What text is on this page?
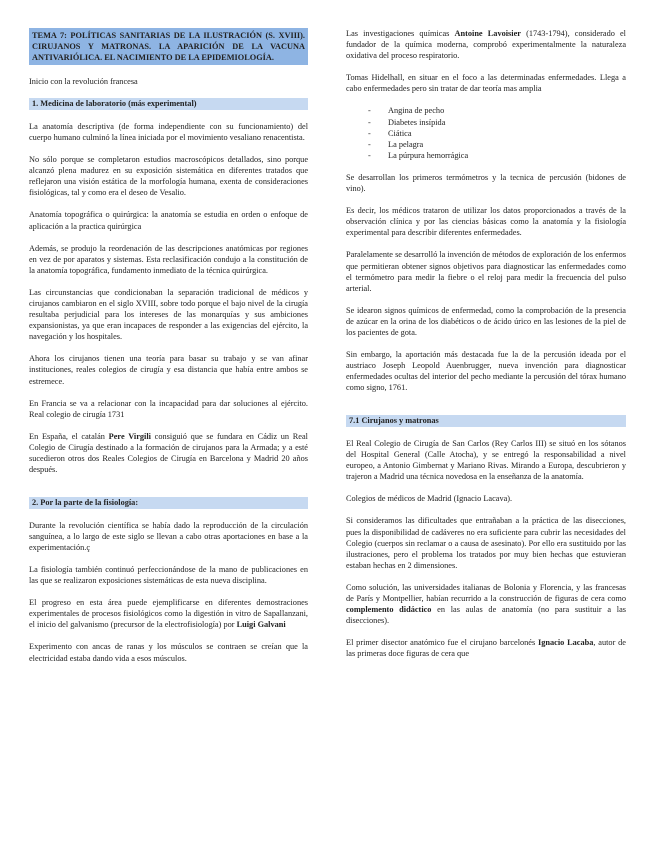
TEMA 7: POLÍTICAS SANITARIAS DE LA ILUSTRACIÓN (S. XVIII). CIRUJANOS Y MATRONAS. LA APARICIÓN DE LA VACUNA ANTIVARIÓLICA. EL NACIMIENTO DE LA EPIDEMIOLOGÍA.

Inicio con la revolución francesa

1. Medicina de laboratorio (más experimental)

La anatomía descriptiva (de forma independiente con su funcionamiento) del cuerpo humano culminó la línea iniciada por el movimiento vesaliano renacentista.

No sólo porque se completaron estudios macroscópicos detallados, sino porque alcanzó plena madurez en su exposición sistemática en diferentes tratados que reflejaron una visión estática de la morfología humana, exenta de consideraciones fisiológicas, tal y como era el deseo de Vesalio.

Anatomía topográfica o quirúrgica: la anatomía se estudia en orden o enfoque de aplicación a la practica quirúrgica

Además, se produjo la reordenación de las descripciones anatómicas por regiones en vez de por aparatos y sistemas. Esta reclasificación condujo a la constitución de la anatomía topográfica, fundamento inmediato de la técnica quirúrgica.

Las circunstancias que condicionaban la separación tradicional de médicos y cirujanos cambiaron en el siglo XVIII, sobre todo porque el bajo nivel de la cirugía resultaba perjudicial para los intereses de las monarquías y sus ambiciones expansionistas, ya que eran incapaces de responder a las exigencias del ejército, la navegación y los hospitales.

Ahora los cirujanos tienen una teoría para basar su trabajo y se van afinar instituciones, reales colegios de cirugía y esa distancia que había entre ambos se estremece.

En Francia se va a relacionar con la incapacidad para dar soluciones al ejército. Real colegio de cirugía 1731

En España, el catalán Pere Virgili consiguió que se fundara en Cádiz un Real Colegio de Cirugía destinado a la formación de cirujanos para la Armada; y a esté sucedieron otros dos Reales Colegios de Cirugía en Barcelona y Madrid 20 años después.

2. Por la parte de la fisiología:

Durante la revolución científica se había dado la reproducción de la circulación sanguínea, a lo largo de este siglo se llevan a cabo otras aportaciones en base a la experimentación.ç

La fisiología también continuó perfeccionándose de la mano de publicaciones en las que se realizaron exposiciones sistemáticas de esta nueva disciplina.

El progreso en esta área puede ejemplificarse en diferentes demostraciones experimentales de procesos fisiológicos como la digestión in vitro de Sapallanzani, el inicio del galvanismo (precursor de la electrofisiología) por Luigi Galvani

Experimento con ancas de ranas y los músculos se contraen se creían que la electricidad estaba dando vida a esos músculos.

Las investigaciones químicas Antoine Lavoisier (1743-1794), considerado el fundador de la química moderna, comprobó experimentalmente la naturaleza oxidativa del proceso respiratorio.

Tomas Hidelhall, en situar en el foco a las determinadas enfermedades. Llega a cabo enfermedades pero sin tratar de dar teoría mas amplia

- Angina de pecho
- Diabetes insípida
- Ciática
- La pelagra
- La púrpura hemorrágica

Se desarrollan los primeros termómetros y la tecnica de percusión (bidones de vino).

Es decir, los médicos trataron de utilizar los datos proporcionados a través de la observación clínica y por las ciencias básicas como la anatomía y la fisiología experimental para describir diferentes enfermedades.

Paralelamente se desarrolló la invención de métodos de exploración de los enfermos que permitieran obtener signos objetivos para diagnosticar las enfermedades como el termómetro para medir la fiebre o el reloj para medir la frecuencia del pulso arterial.

Se idearon signos químicos de enfermedad, como la comprobación de la presencia de azúcar en la orina de los diabéticos o de ácido úrico en las lesiones de la piel de los pacientes de gota.

Sin embargo, la aportación más destacada fue la de la percusión ideada por el austriaco Joseph Leopold Auenbrugger, nueva invención para diagnosticar enfermedades ocultas del interior del pecho mediante la percusión del tórax humano como signo, 1761.

7.1 Cirujanos y matronas

El Real Colegio de Cirugía de San Carlos (Rey Carlos III) se situó en los sótanos del Hospital General (Calle Atocha), y se entregó la responsabilidad a nivel europeo, a Antonio Gimbernat y Mariano Rivas. Mirando a Europa, descubrieron y trajeron a Madrid una técnica novedosa en la enseñanza de la anatomía.

Colegios de médicos de Madrid (Ignacio Lacava).

Si consideramos las dificultades que entrañaban a la práctica de las disecciones, pues la disponibilidad de cadáveres no era suficiente para cubrir las necesidades del Colegio (cuerpos sin reclamar o a causa de asesinato). Por ello era sustituido por las ilustraciones, pero el problema los tratados por muy bien hechas que estuvieran estaban hechas en 2 dimensiones.

Como solución, las universidades italianas de Bolonia y Florencia, y las francesas de París y Montpellier, habían recurrido a la construcción de figuras de cera como complemento didáctico en las aulas de anatomía (no para sustituir a las disecciones).

El primer disector anatómico fue el cirujano barcelonés Ignacio Lacaba, autor de las primeras doce figuras de cera que
